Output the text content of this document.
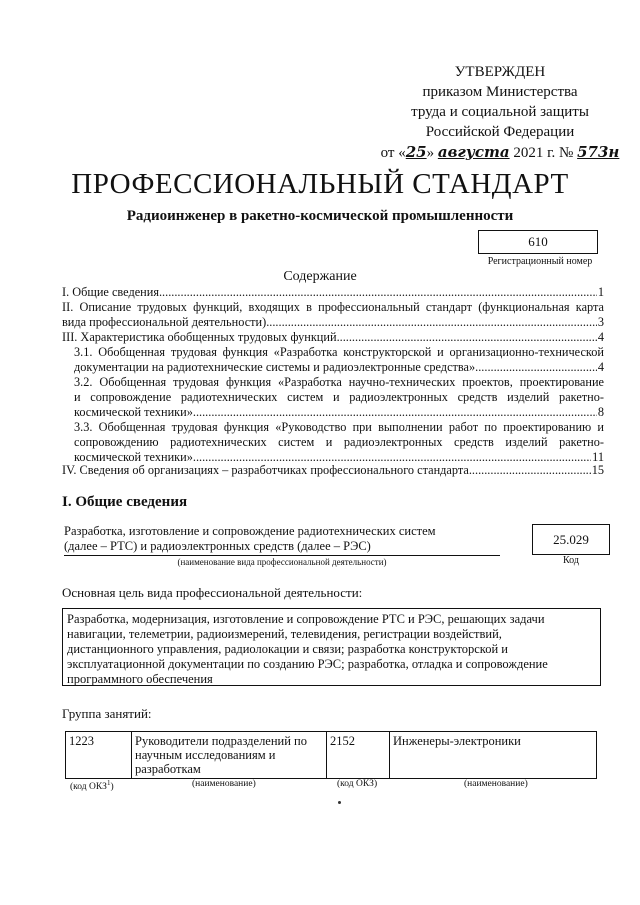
УТВЕРЖДЕН
приказом Министерства
труда и социальной защиты
Российской Федерации
от «25» августа 2021 г. № 573н
ПРОФЕССИОНАЛЬНЫЙ СТАНДАРТ
Радиоинженер в ракетно-космической промышленности
610
Регистрационный номер
Содержание
I. Общие сведения .....	1
II. Описание трудовых функций, входящих в профессиональный стандарт (функциональная карта
вида профессиональной деятельности) .....	3
III. Характеристика обобщенных трудовых функций .....	4
3.1. Обобщенная трудовая функция «Разработка конструкторской и организационно-технической
документации на радиотехнические системы и радиоэлектронные средства» .....	4
3.2. Обобщенная трудовая функция «Разработка научно-технических проектов, проектирование
и сопровождение радиотехнических систем и радиоэлектронных средств изделий ракетно-
космической техники» .....	8
3.3. Обобщенная трудовая функция «Руководство при выполнении работ по проектированию и
сопровождению радиотехнических систем и радиоэлектронных средств изделий ракетно-
космической техники» .....	11
IV. Сведения об организациях – разработчиках профессионального стандарта .....	15
I. Общие сведения
Разработка, изготовление и сопровождение радиотехнических систем
(далее – РТС) и радиоэлектронных средств (далее – РЭС)
(наименование вида профессиональной деятельности)
25.029
Код
Основная цель вида профессиональной деятельности:
Разработка, модернизация, изготовление и сопровождение РТС и РЭС, решающих задачи
навигации, телеметрии, радиоизмерений, телевидения, регистрации воздействий,
дистанционного управления, радиолокации и связи; разработка конструкторской и
эксплуатационной документации по созданию РЭС; разработка, отладка и сопровождение
программного обеспечения
Группа занятий:
1223	Руководители подразделений по
научным исследованиям и
разработкам
	2152	Инженеры-электроники
(код ОКЗ$^1$)	(наименование)	(код ОКЗ)	(наименование)
